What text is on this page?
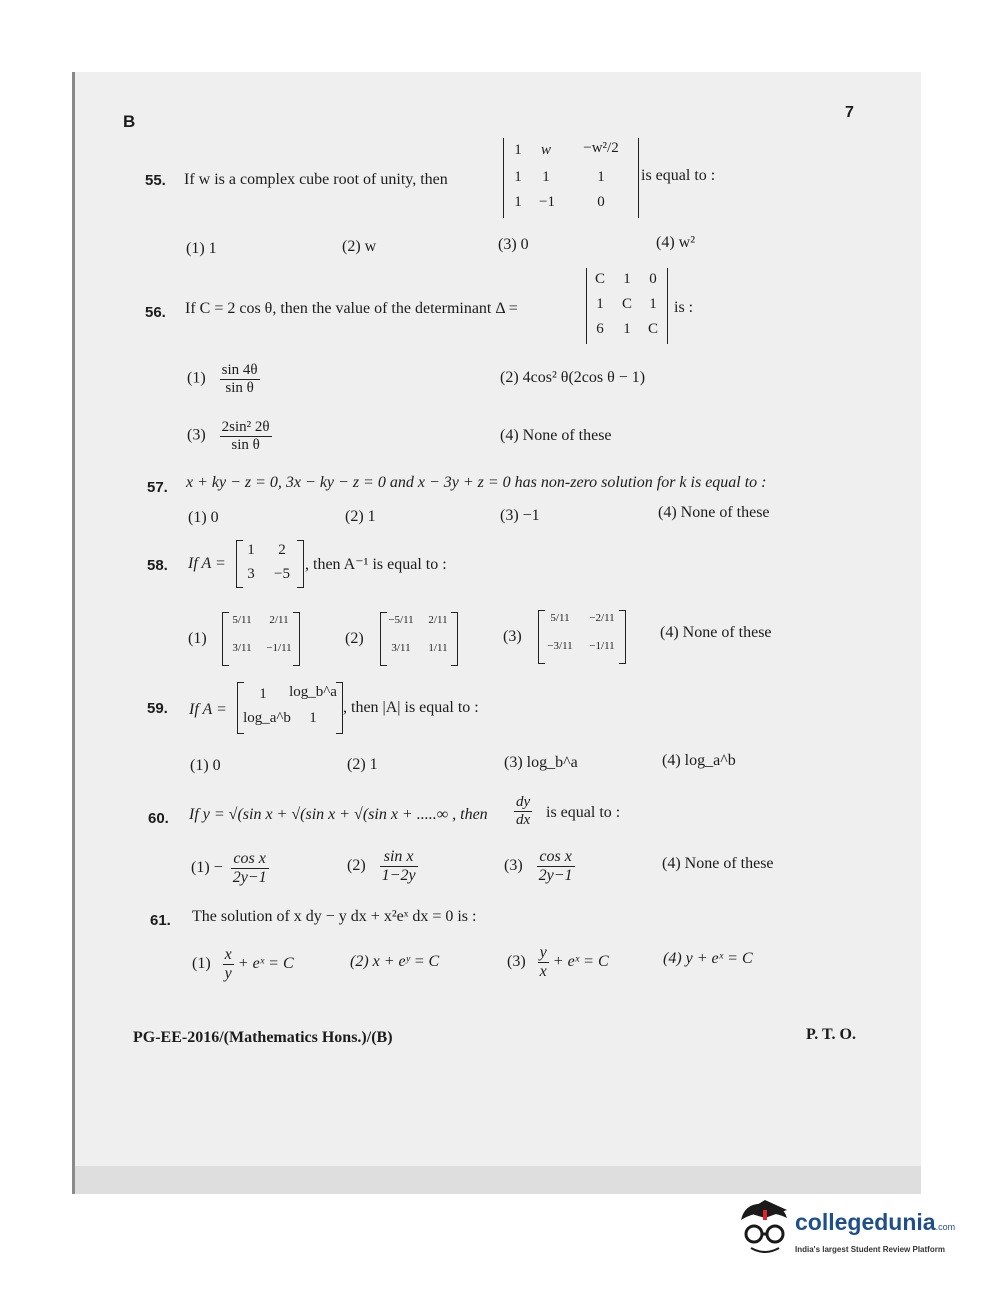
B	7
55. If w is a complex cube root of unity, then
1	w	−w²/2
1	1	1
1	−1	0
is equal to :
(1) 1	(2) w	(3) 0	(4) w²
56. If C = 2 cos θ, then the value of the determinant Δ =
C	1	0
1	C	1
6	1	C
is :
$(1) \frac{\sin 4\theta}{\text{sin θ}}$	(2) 4cos² θ(2cos θ − 1)
$(3) \frac{\text{2sin² 2θ}}{\text{sin θ}}$	(4) None of these
57. x + ky − z = 0, 3x − ky − z = 0 and x − 3y + z = 0 has non-zero solution for k is equal to :
(1) 0	(2) 1	(3) −1	(4) None of these
58. If A =
1	2
3	−5
, then A⁻¹ is equal to :
(1)
5/11	2/11
3/11	−1/11
(2)
−5/11	2/11
3/11	1/11
(3)
5/11	−2/11
−3/11	−1/11
(4) None of these
59. If A =
1	log_b^a
log_a^b	1
, then |A| is equal to :
(1) 0	(2) 1	(3) log_b^a	(4) log_a^b
60. If y = √(sin x + √(sin x + √(sin x + .....∞ , then $\frac{dy}{dx}$ is equal to :
$(1) - \frac{\text{cos x}}{2y-1}$	$(2) \frac{\text{sin x}}{1-2y}$	$(3) \frac{\text{cos x}}{2y-1}$	(4) None of these
61. The solution of x dy − y dx + x²eˣ dx = 0 is :
$(1) \frac{x}{y}$ + eˣ = C	(2) x + eʸ = C	$(3) \frac{y}{x}$ + eˣ = C	(4) y + eˣ = C
PG-EE-2016/(Mathematics Hons.)/(B)	P. T. O.
collegedunia.com
India's largest Student Review Platform
